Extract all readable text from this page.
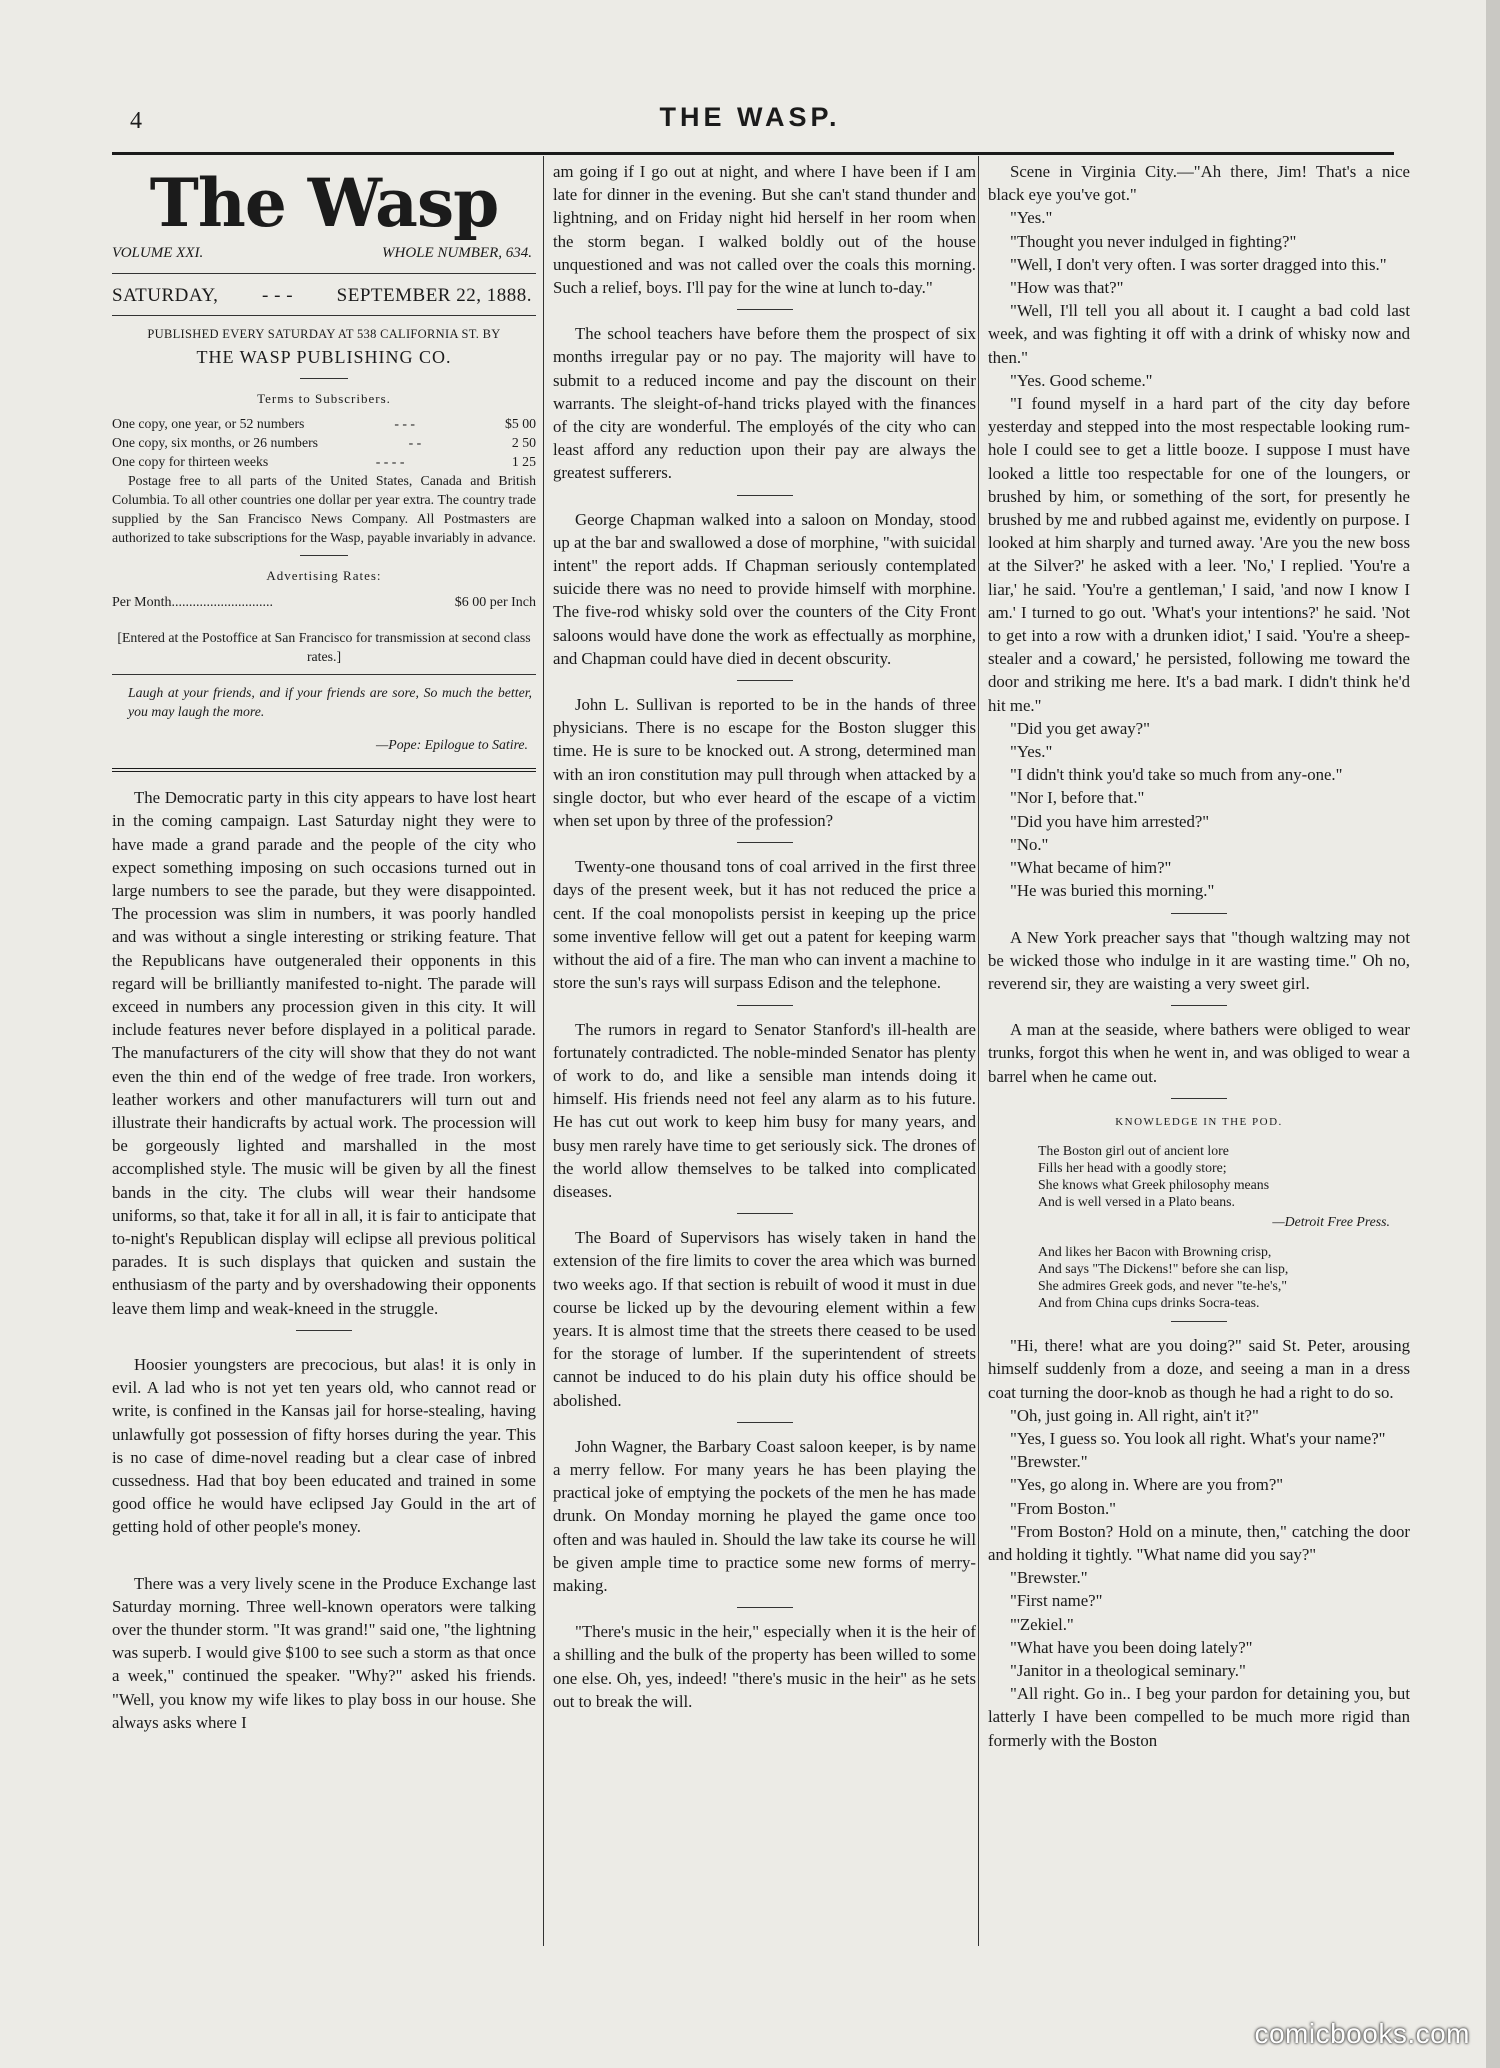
4	THE WASP.
The Wasp
VOLUME XXI.	WHOLE NUMBER, 634.
SATURDAY, - - - SEPTEMBER 22, 1888.
PUBLISHED EVERY SATURDAY AT 538 CALIFORNIA ST. BY
THE WASP PUBLISHING CO.
Terms to Subscribers.
One copy, one year, or 52 numbers	- - -	$5 00
One copy, six months, or 26 numbers	- -	2 50
One copy for thirteen weeks	- - - -	1 25
Postage free to all parts of the United States, Canada and British Columbia. To all other countries one dollar per year extra. The country trade supplied by the San Francisco News Company. All Postmasters are authorized to take subscriptions for the Wasp, payable invariably in advance.
Advertising Rates:
Per Month.............................	$6 00 per Inch
[Entered at the Postoffice at San Francisco for transmission at second class rates.]
Laugh at your friends, and if your friends are sore, So much the better, you may laugh the more.
—Pope: Epilogue to Satire.

The Democratic party in this city appears to have lost heart in the coming campaign. Last Saturday night they were to have made a grand parade and the people of the city who expect something imposing on such occasions turned out in large numbers to see the parade, but they were disappointed. The procession was slim in numbers, it was poorly handled and was without a single interesting or striking feature. That the Republicans have outgeneraled their opponents in this regard will be brilliantly manifested to-night. The parade will exceed in numbers any procession given in this city. It will include features never before displayed in a political parade. The manufacturers of the city will show that they do not want even the thin end of the wedge of free trade. Iron workers, leather workers and other manufacturers will turn out and illustrate their handicrafts by actual work. The procession will be gorgeously lighted and marshalled in the most accomplished style. The music will be given by all the finest bands in the city. The clubs will wear their handsome uniforms, so that, take it for all in all, it is fair to anticipate that to-night's Republican display will eclipse all previous political parades. It is such displays that quicken and sustain the enthusiasm of the party and by overshadowing their opponents leave them limp and weak-kneed in the struggle.

Hoosier youngsters are precocious, but alas! it is only in evil. A lad who is not yet ten years old, who cannot read or write, is confined in the Kansas jail for horse-stealing, having unlawfully got possession of fifty horses during the year. This is no case of dime-novel reading but a clear case of inbred cussedness. Had that boy been educated and trained in some good office he would have eclipsed Jay Gould in the art of getting hold of other people's money.

There was a very lively scene in the Produce Exchange last Saturday morning. Three well-known operators were talking over the thunder storm. "It was grand!" said one, "the lightning was superb. I would give $100 to see such a storm as that once a week," continued the speaker. "Why?" asked his friends. "Well, you know my wife likes to play boss in our house. She always asks where I

am going if I go out at night, and where I have been if I am late for dinner in the evening. But she can't stand thunder and lightning, and on Friday night hid herself in her room when the storm began. I walked boldly out of the house unquestioned and was not called over the coals this morning. Such a relief, boys. I'll pay for the wine at lunch to-day."

The school teachers have before them the prospect of six months irregular pay or no pay. The majority will have to submit to a reduced income and pay the discount on their warrants. The sleight-of-hand tricks played with the finances of the city are wonderful. The employés of the city who can least afford any reduction upon their pay are always the greatest sufferers.

George Chapman walked into a saloon on Monday, stood up at the bar and swallowed a dose of morphine, "with suicidal intent" the report adds. If Chapman seriously contemplated suicide there was no need to provide himself with morphine. The five-rod whisky sold over the counters of the City Front saloons would have done the work as effectually as morphine, and Chapman could have died in decent obscurity.

John L. Sullivan is reported to be in the hands of three physicians. There is no escape for the Boston slugger this time. He is sure to be knocked out. A strong, determined man with an iron constitution may pull through when attacked by a single doctor, but who ever heard of the escape of a victim when set upon by three of the profession?

Twenty-one thousand tons of coal arrived in the first three days of the present week, but it has not reduced the price a cent. If the coal monopolists persist in keeping up the price some inventive fellow will get out a patent for keeping warm without the aid of a fire. The man who can invent a machine to store the sun's rays will surpass Edison and the telephone.

The rumors in regard to Senator Stanford's ill-health are fortunately contradicted. The noble-minded Senator has plenty of work to do, and like a sensible man intends doing it himself. His friends need not feel any alarm as to his future. He has cut out work to keep him busy for many years, and busy men rarely have time to get seriously sick. The drones of the world allow themselves to be talked into complicated diseases.

The Board of Supervisors has wisely taken in hand the extension of the fire limits to cover the area which was burned two weeks ago. If that section is rebuilt of wood it must in due course be licked up by the devouring element within a few years. It is almost time that the streets there ceased to be used for the storage of lumber. If the superintendent of streets cannot be induced to do his plain duty his office should be abolished.

John Wagner, the Barbary Coast saloon keeper, is by name a merry fellow. For many years he has been playing the practical joke of emptying the pockets of the men he has made drunk. On Monday morning he played the game once too often and was hauled in. Should the law take its course he will be given ample time to practice some new forms of merry-making.

"There's music in the heir," especially when it is the heir of a shilling and the bulk of the property has been willed to some one else. Oh, yes, indeed! "there's music in the heir" as he sets out to break the will.

Scene in Virginia City.—"Ah there, Jim! That's a nice black eye you've got."

"Yes."

"Thought you never indulged in fighting?"

"Well, I don't very often. I was sorter dragged into this."

"How was that?"

"Well, I'll tell you all about it. I caught a bad cold last week, and was fighting it off with a drink of whisky now and then."

"Yes. Good scheme."

"I found myself in a hard part of the city day before yesterday and stepped into the most respectable looking rum-hole I could see to get a little booze. I suppose I must have looked a little too respectable for one of the loungers, or brushed by him, or something of the sort, for presently he brushed by me and rubbed against me, evidently on purpose. I looked at him sharply and turned away. 'Are you the new boss at the Silver?' he asked with a leer. 'No,' I replied. 'You're a liar,' he said. 'You're a gentleman,' I said, 'and now I know I am.' I turned to go out. 'What's your intentions?' he said. 'Not to get into a row with a drunken idiot,' I said. 'You're a sheep-stealer and a coward,' he persisted, following me toward the door and striking me here. It's a bad mark. I didn't think he'd hit me."

"Did you get away?"

"Yes."

"I didn't think you'd take so much from any-one."

"Nor I, before that."

"Did you have him arrested?"

"No."

"What became of him?"

"He was buried this morning."

A New York preacher says that "though waltzing may not be wicked those who indulge in it are wasting time." Oh no, reverend sir, they are waisting a very sweet girl.

A man at the seaside, where bathers were obliged to wear trunks, forgot this when he went in, and was obliged to wear a barrel when he came out.

KNOWLEDGE IN THE POD.
The Boston girl out of ancient lore
Fills her head with a goodly store;
She knows what Greek philosophy means
And is well versed in a Plato beans.
—Detroit Free Press.
And likes her Bacon with Browning crisp,
And says "The Dickens!" before she can lisp,
She admires Greek gods, and never "te-he's,"
And from China cups drinks Socra-teas.

"Hi, there! what are you doing?" said St. Peter, arousing himself suddenly from a doze, and seeing a man in a dress coat turning the door-knob as though he had a right to do so.

"Oh, just going in. All right, ain't it?"

"Yes, I guess so. You look all right. What's your name?"

"Brewster."

"Yes, go along in. Where are you from?"

"From Boston."

"From Boston? Hold on a minute, then," catching the door and holding it tightly. "What name did you say?"

"Brewster."

"First name?"

"'Zekiel."

"What have you been doing lately?"

"Janitor in a theological seminary."

"All right. Go in.. I beg your pardon for detaining you, but latterly I have been compelled to be much more rigid than formerly with the Boston

comicbooks.com
